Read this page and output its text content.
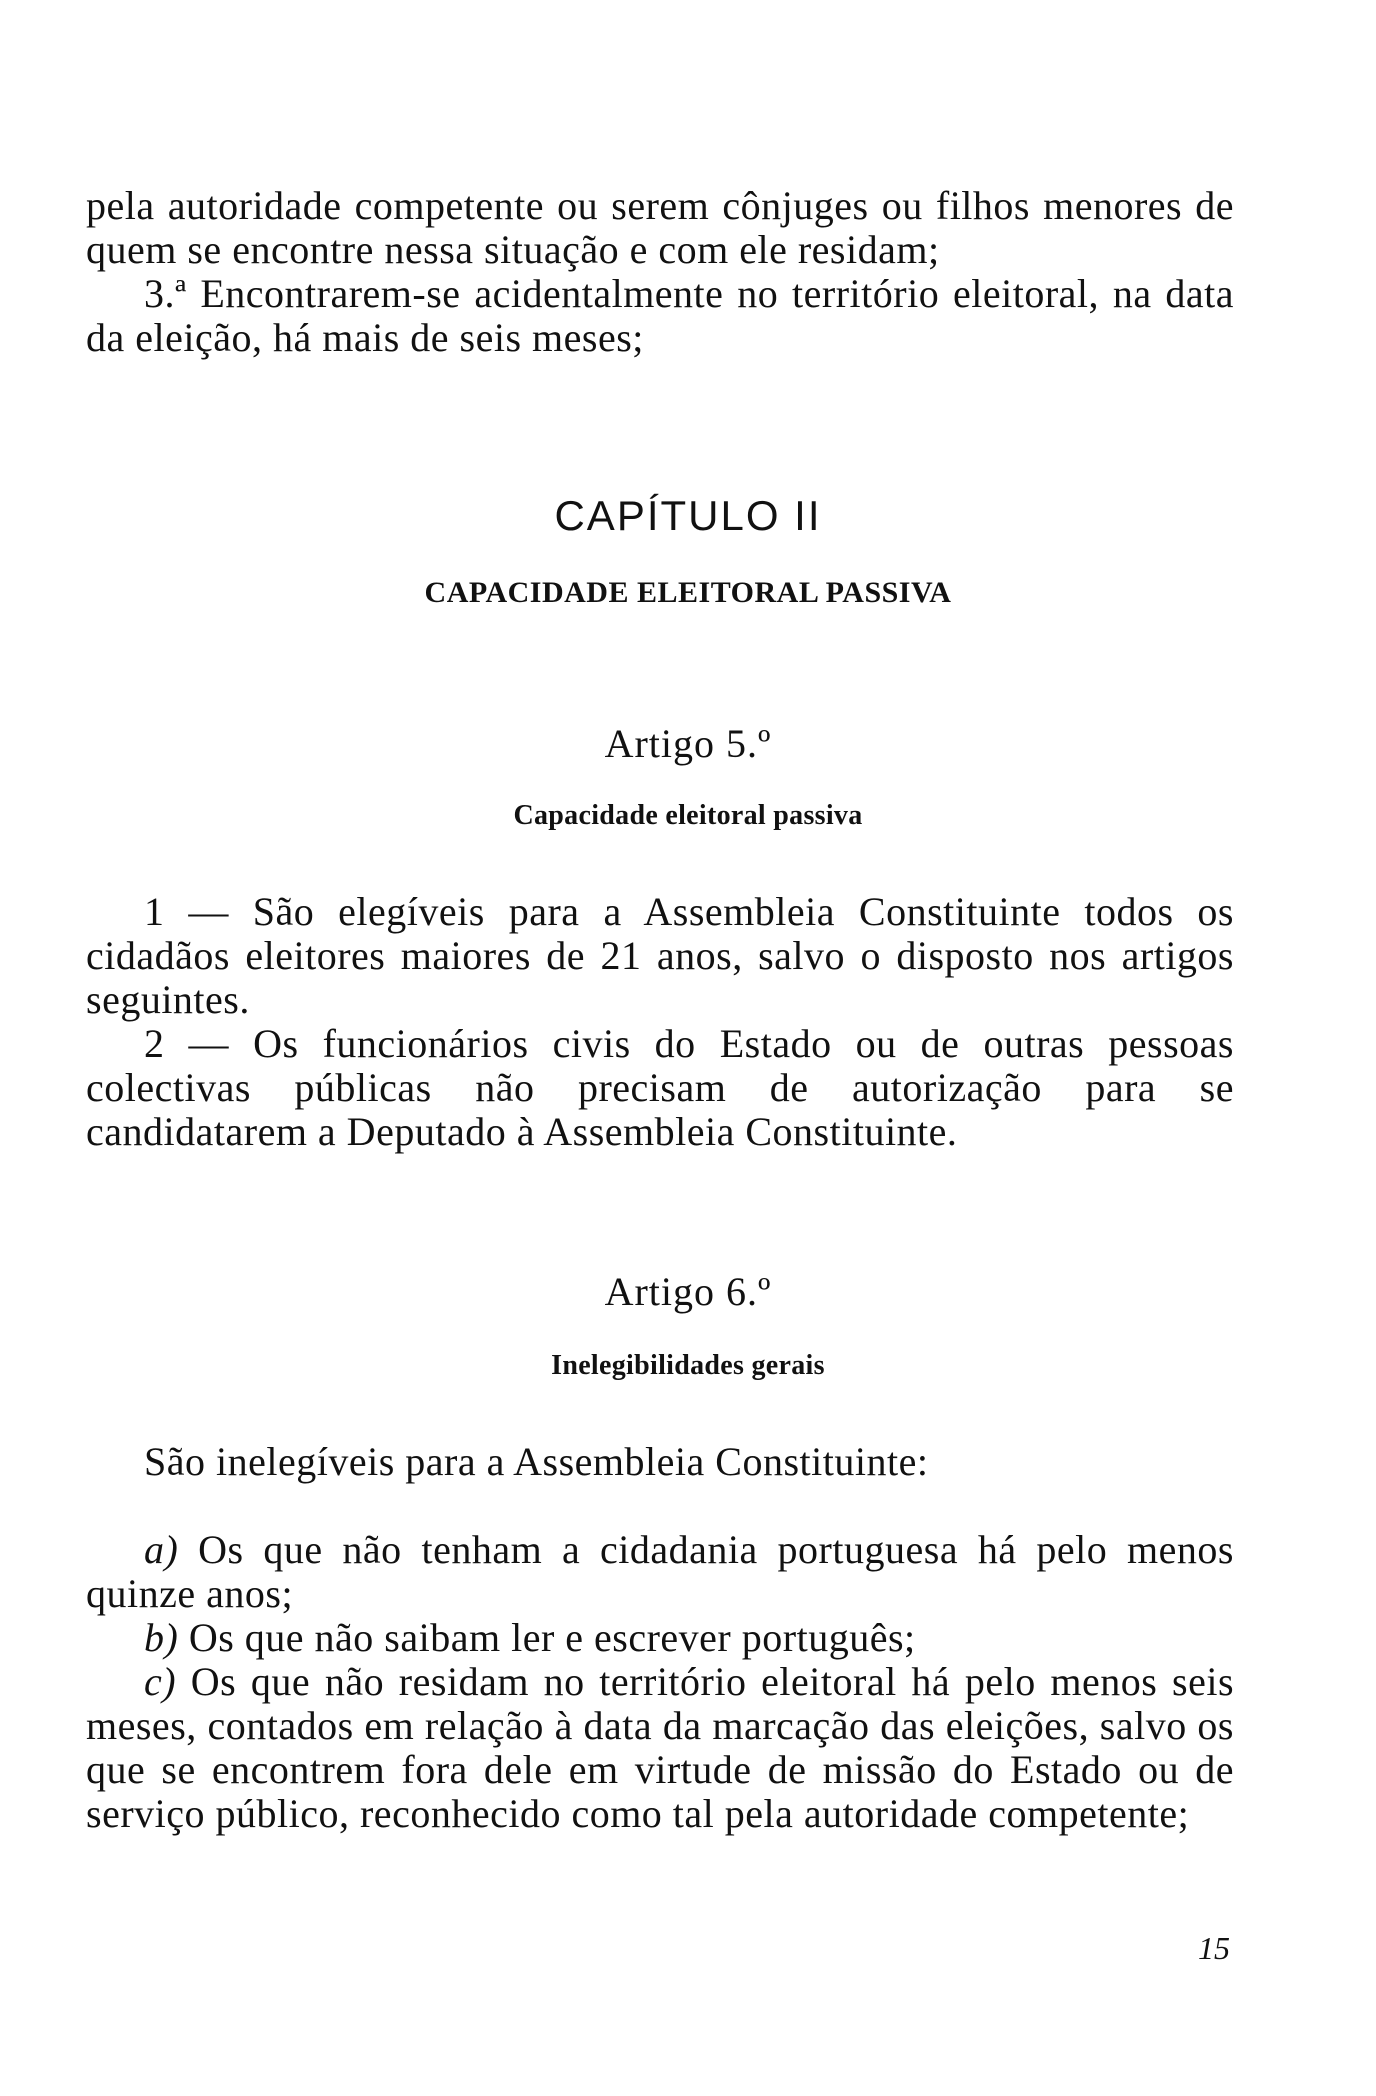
pela autoridade competente ou serem cônjuges ou filhos menores de quem se encontre nessa situação e com ele residam;

3.ª Encontrarem-se acidentalmente no território eleitoral, na data da eleição, há mais de seis meses;

CAPÍTULO II

CAPACIDADE ELEITORAL PASSIVA

Artigo 5.º

Capacidade eleitoral passiva

1 — São elegíveis para a Assembleia Constituinte todos os cidadãos eleitores maiores de 21 anos, salvo o disposto nos artigos seguintes.

2 — Os funcionários civis do Estado ou de outras pessoas colectivas públicas não precisam de autorização para se candidatarem a Deputado à Assembleia Constituinte.

Artigo 6.º

Inelegibilidades gerais

São inelegíveis para a Assembleia Constituinte:

a) Os que não tenham a cidadania portuguesa há pelo menos quinze anos;

b) Os que não saibam ler e escrever português;

c) Os que não residam no território eleitoral há pelo menos seis meses, contados em relação à data da marcação das eleições, salvo os que se encontrem fora dele em virtude de missão do Estado ou de serviço público, reconhecido como tal pela autoridade competente;

15
